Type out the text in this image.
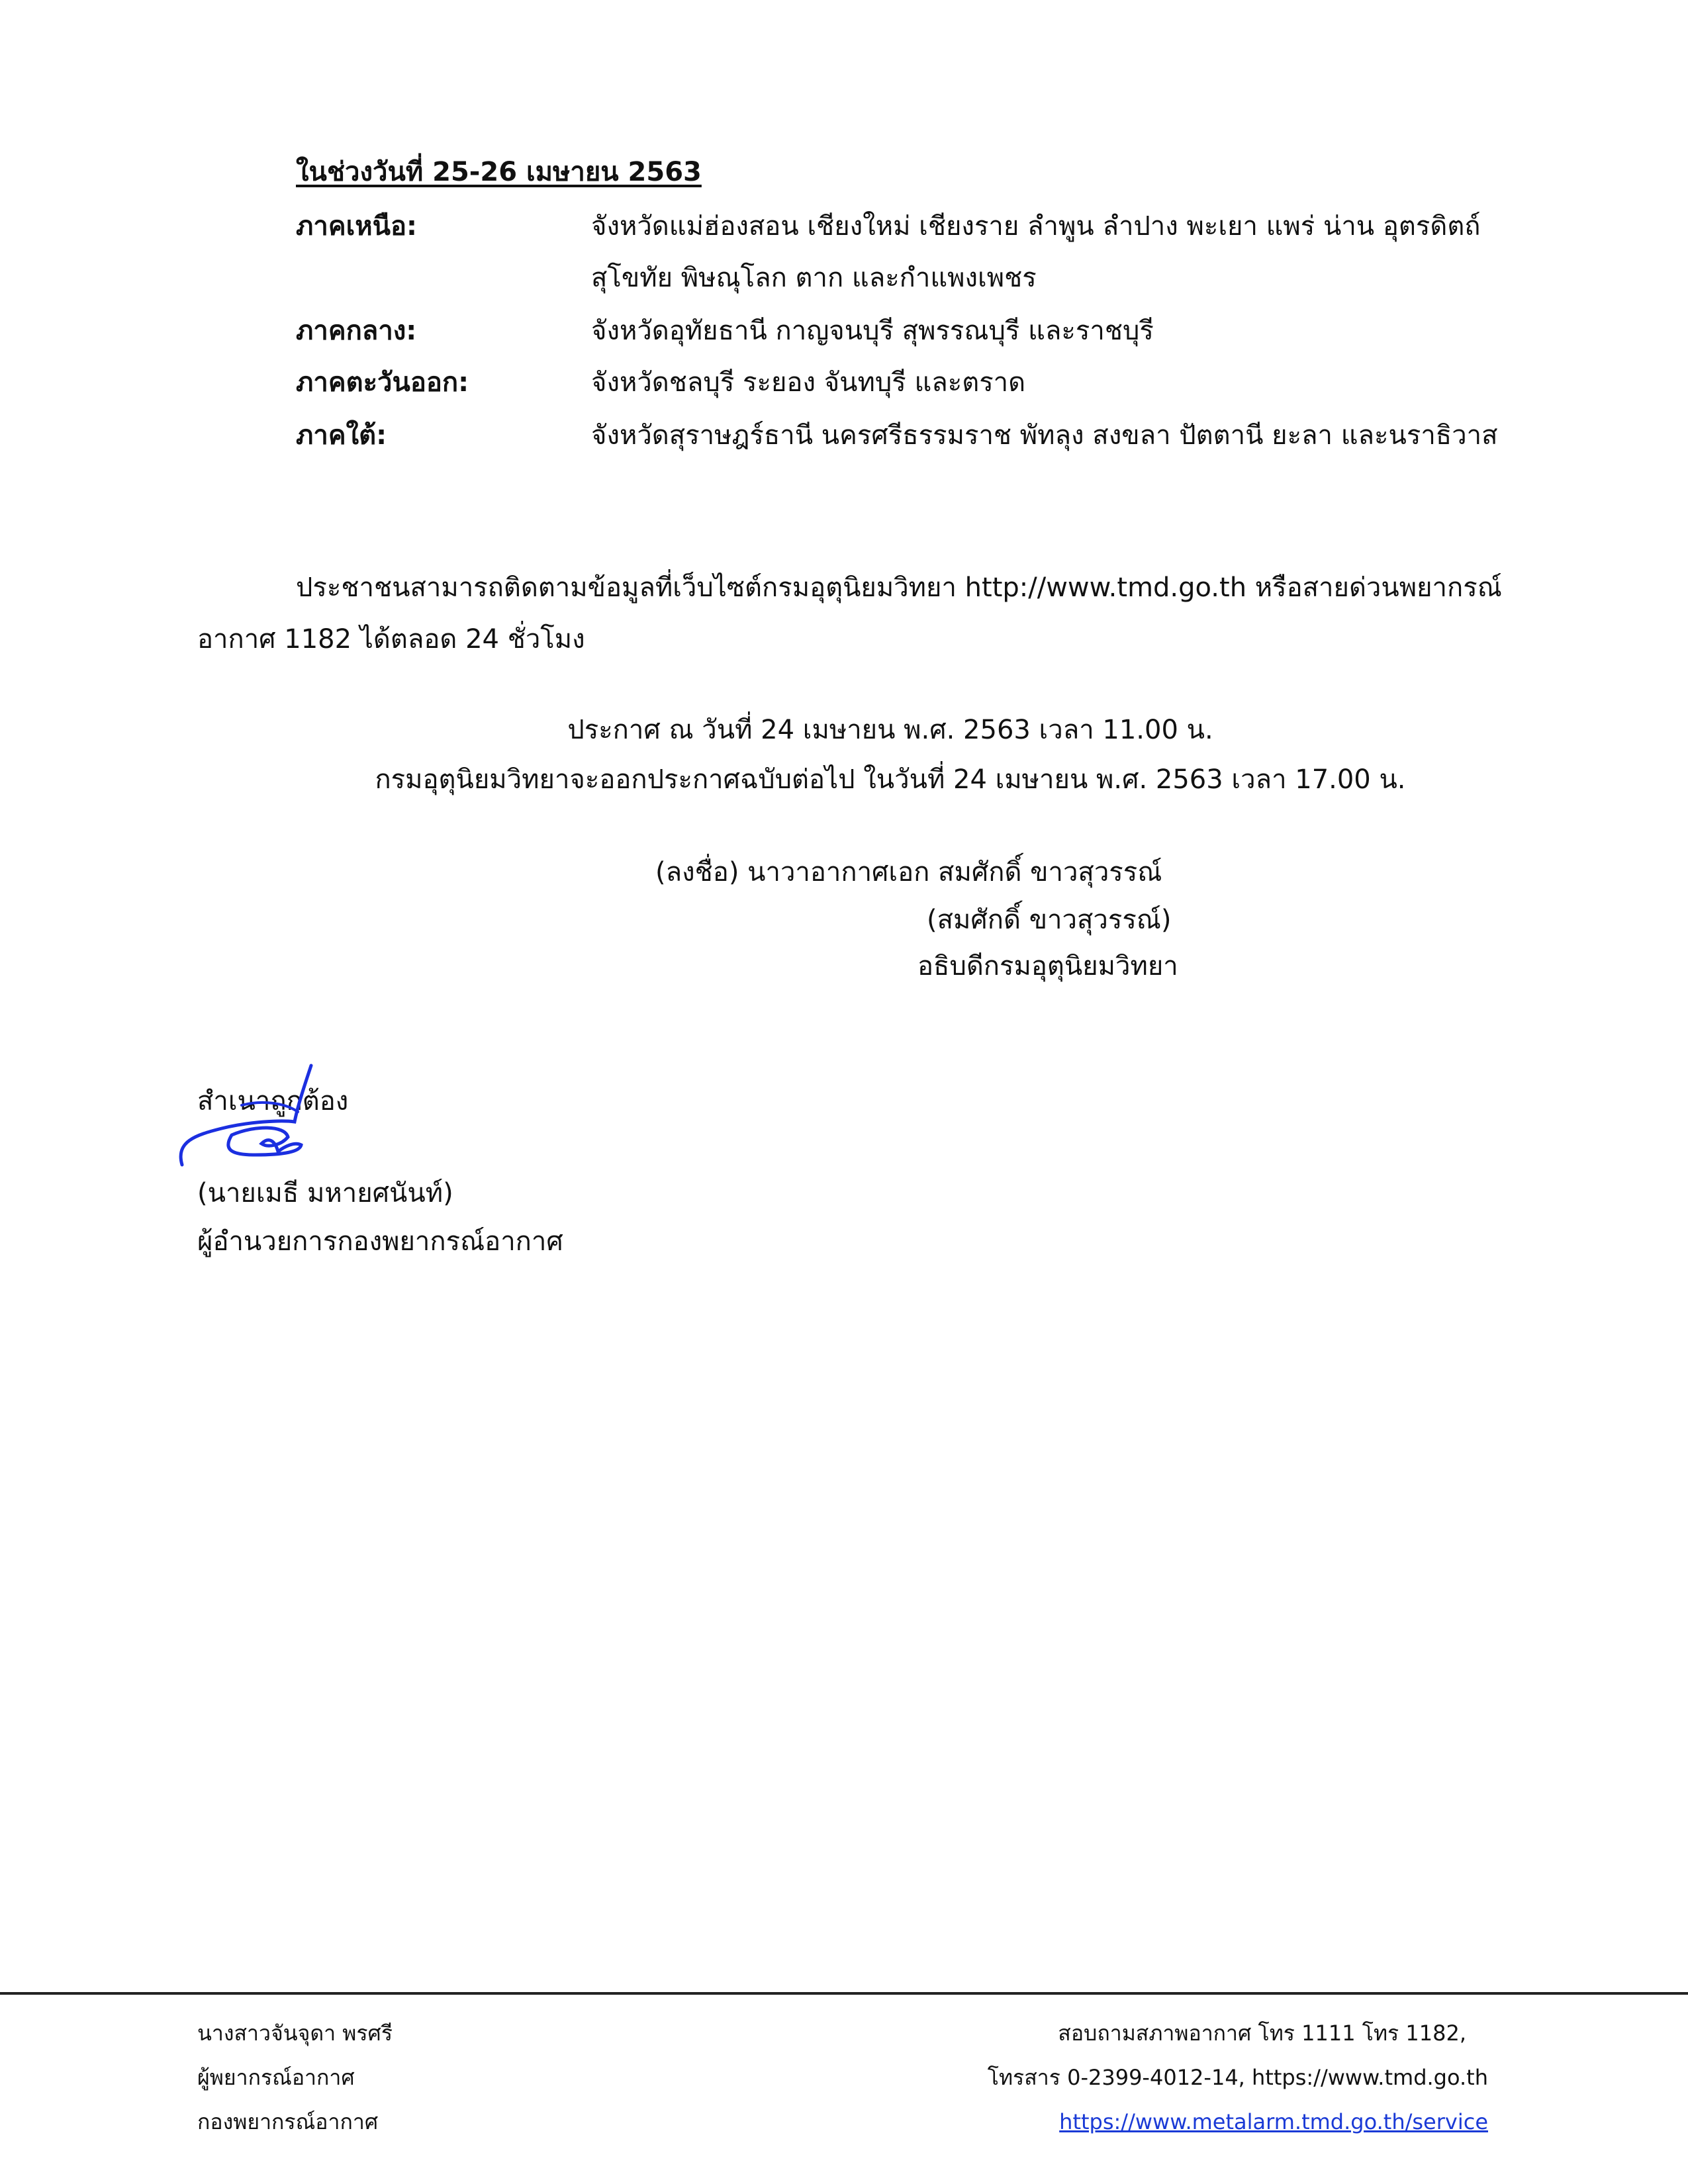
ในช่วงวันที่ 25-26 เมษายน 2563
ภาคเหนือ:	จังหวัดแม่ฮ่องสอน เชียงใหม่ เชียงราย ลำพูน ลำปาง พะเยา แพร่ น่าน อุตรดิตถ์
สุโขทัย พิษณุโลก ตาก และกำแพงเพชร
ภาคกลาง:	จังหวัดอุทัยธานี กาญจนบุรี สุพรรณบุรี และราชบุรี
ภาคตะวันออก:	จังหวัดชลบุรี ระยอง จันทบุรี และตราด
ภาคใต้:	จังหวัดสุราษฎร์ธานี นครศรีธรรมราช พัทลุง สงขลา ปัตตานี ยะลา และนราธิวาส
ประชาชนสามารถติดตามข้อมูลที่เว็บไซต์กรมอุตุนิยมวิทยา http://www.tmd.go.th หรือสายด่วนพยากรณ์
อากาศ 1182 ได้ตลอด 24 ชั่วโมง
ประกาศ ณ วันที่ 24 เมษายน พ.ศ. 2563 เวลา 11.00 น.
กรมอุตุนิยมวิทยาจะออกประกาศฉบับต่อไป ในวันที่ 24 เมษายน พ.ศ. 2563 เวลา 17.00 น.
(ลงชื่อ) นาวาอากาศเอก สมศักดิ์ ขาวสุวรรณ์
(สมศักดิ์ ขาวสุวรรณ์)
อธิบดีกรมอุตุนิยมวิทยา
สำเนาถูกต้อง
(นายเมธี มหายศนันท์)
ผู้อำนวยการกองพยากรณ์อากาศ
นางสาวจันจุดา พรศรี
ผู้พยากรณ์อากาศ
กองพยากรณ์อากาศ
สอบถามสภาพอากาศ โทร 1111 โทร 1182,
โทรสาร 0-2399-4012-14, https://www.tmd.go.th
https://www.metalarm.tmd.go.th/service
